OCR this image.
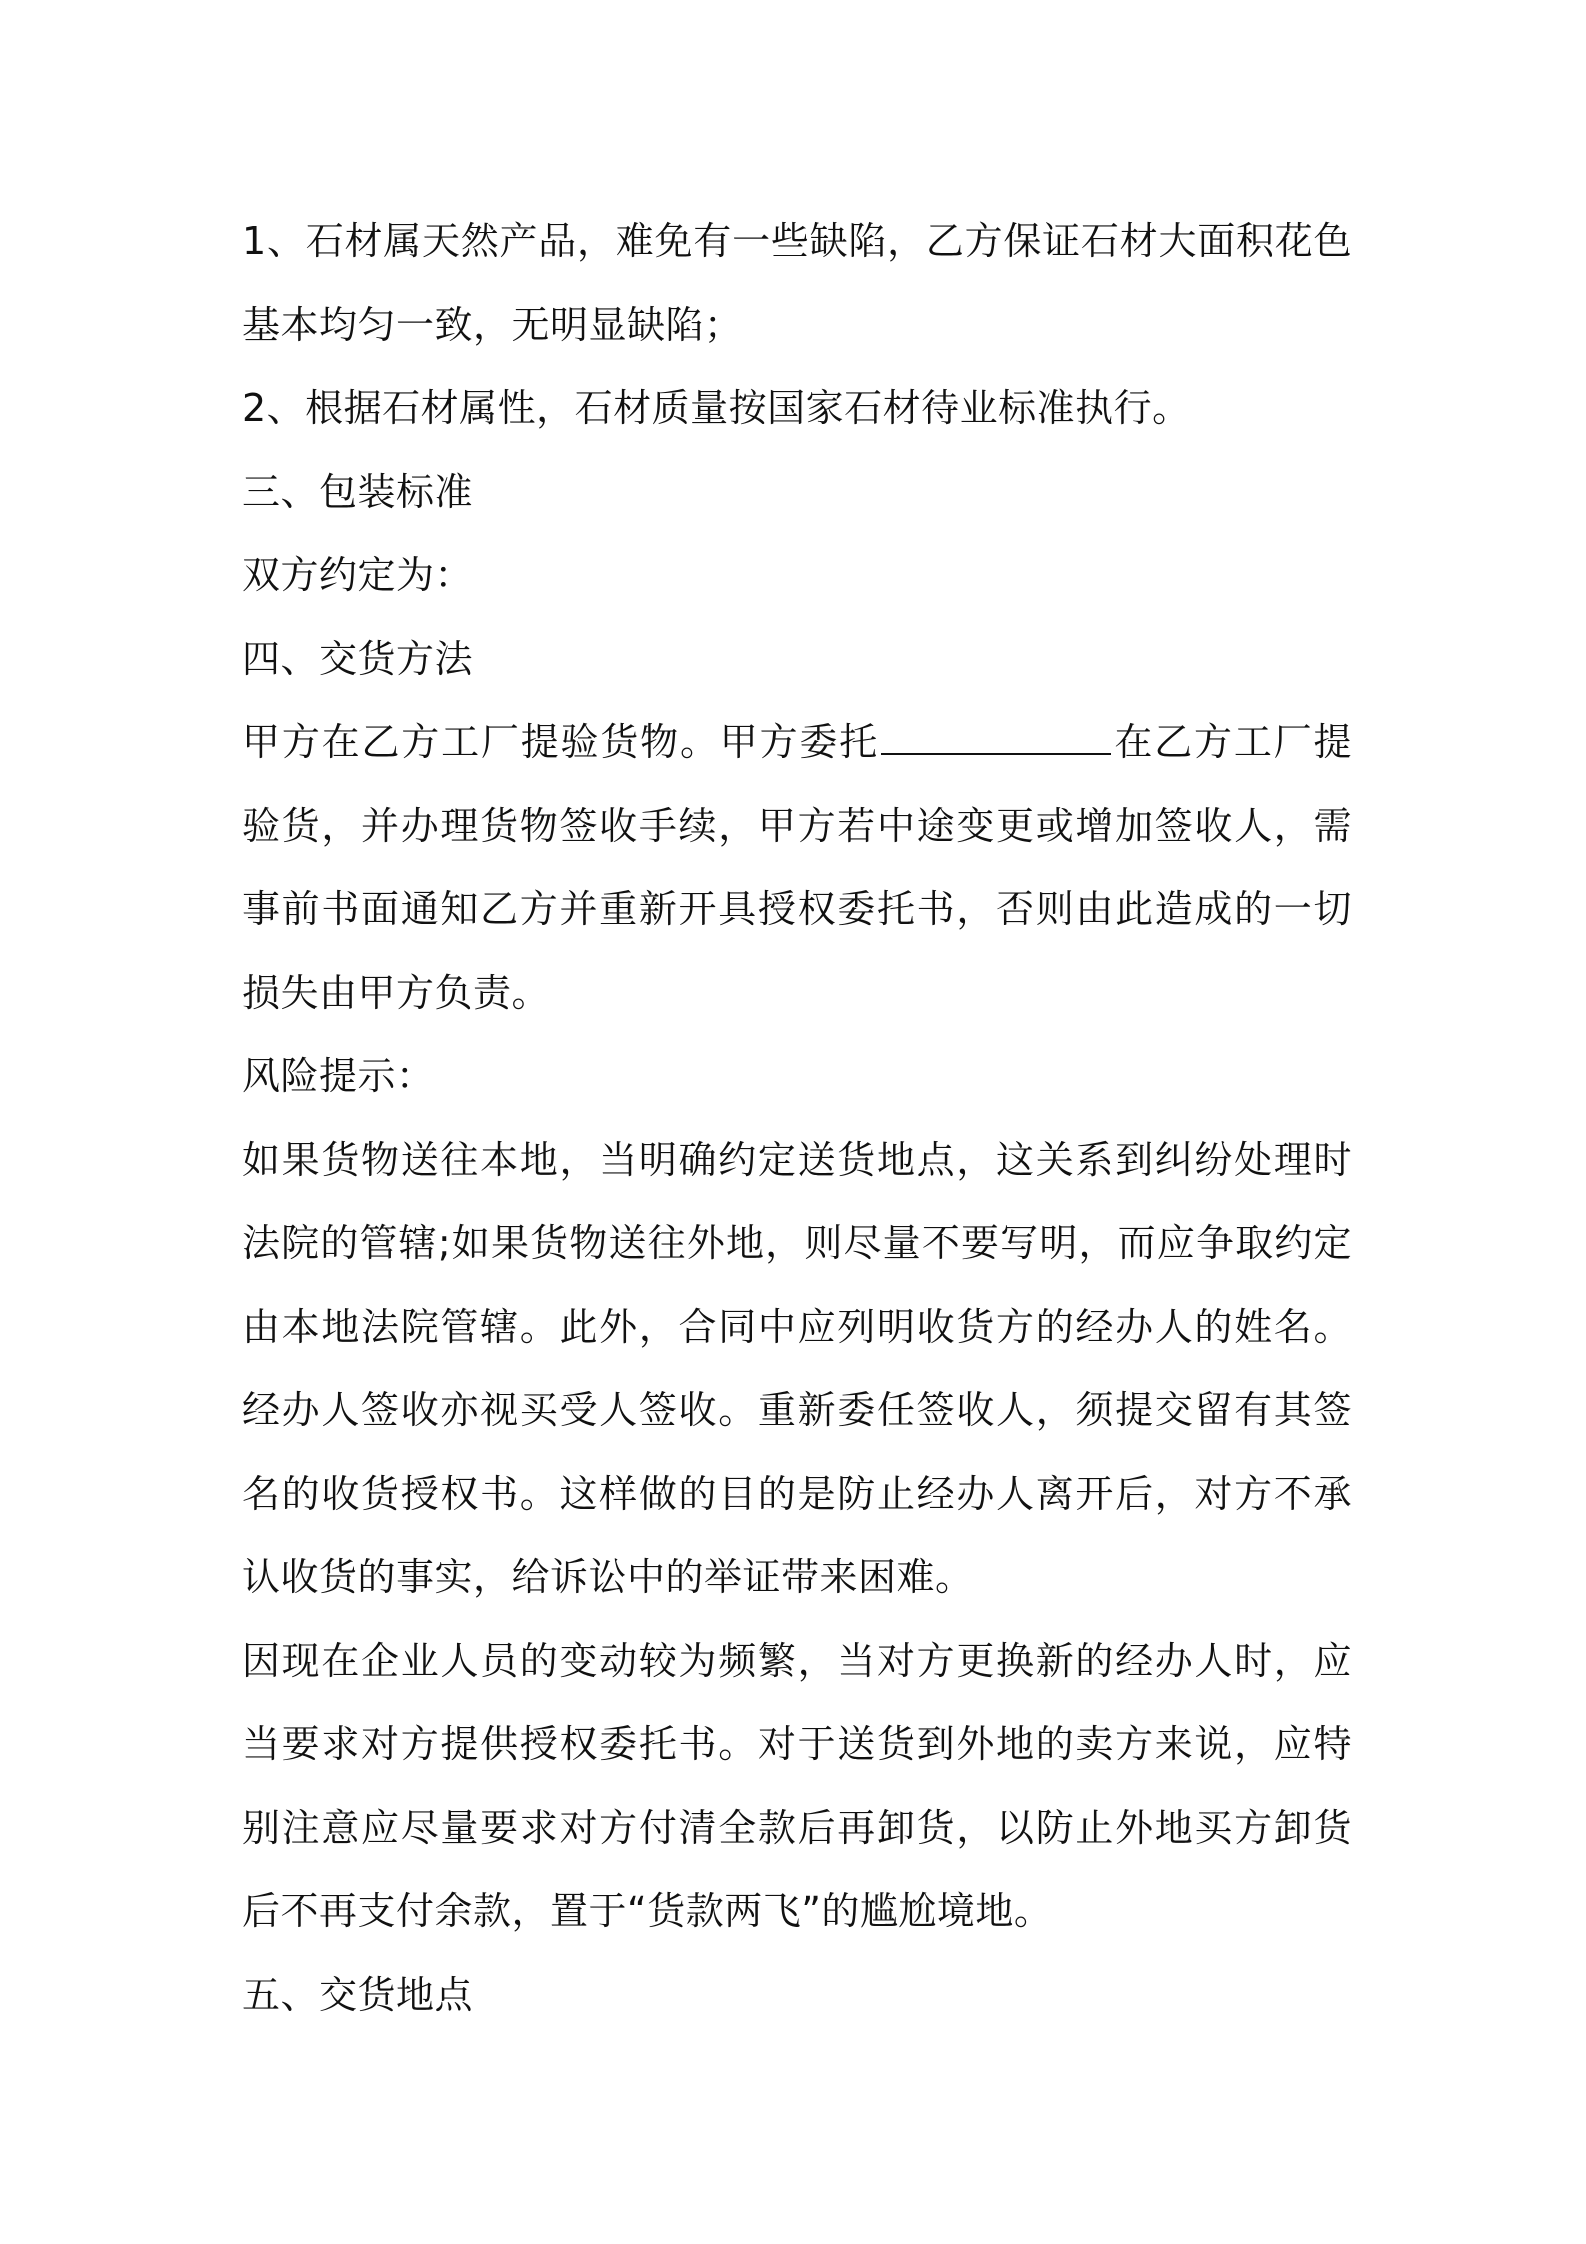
1、石材属天然产品，难免有一些缺陷，乙方保证石材大面积花色基本均匀一致，无明显缺陷；

2、根据石材属性，石材质量按国家石材待业标准执行。

三、包装标准

双方约定为：

四、交货方法

甲方在乙方工厂提验货物。甲方委托	在乙方工厂提验货，并办理货物签收手续，甲方若中途变更或增加签收人，需事前书面通知乙方并重新开具授权委托书，否则由此造成的一切损失由甲方负责。

风险提示：

如果货物送往本地，当明确约定送货地点，这关系到纠纷处理时法院的管辖;如果货物送往外地，则尽量不要写明，而应争取约定由本地法院管辖。此外，合同中应列明收货方的经办人的姓名。经办人签收亦视买受人签收。重新委任签收人，须提交留有其签名的收货授权书。这样做的目的是防止经办人离开后，对方不承认收货的事实，给诉讼中的举证带来困难。

因现在企业人员的变动较为频繁，当对方更换新的经办人时，应当要求对方提供授权委托书。对于送货到外地的卖方来说，应特别注意应尽量要求对方付清全款后再卸货，以防止外地买方卸货后不再支付余款，置于“货款两飞”的尴尬境地。

五、交货地点
